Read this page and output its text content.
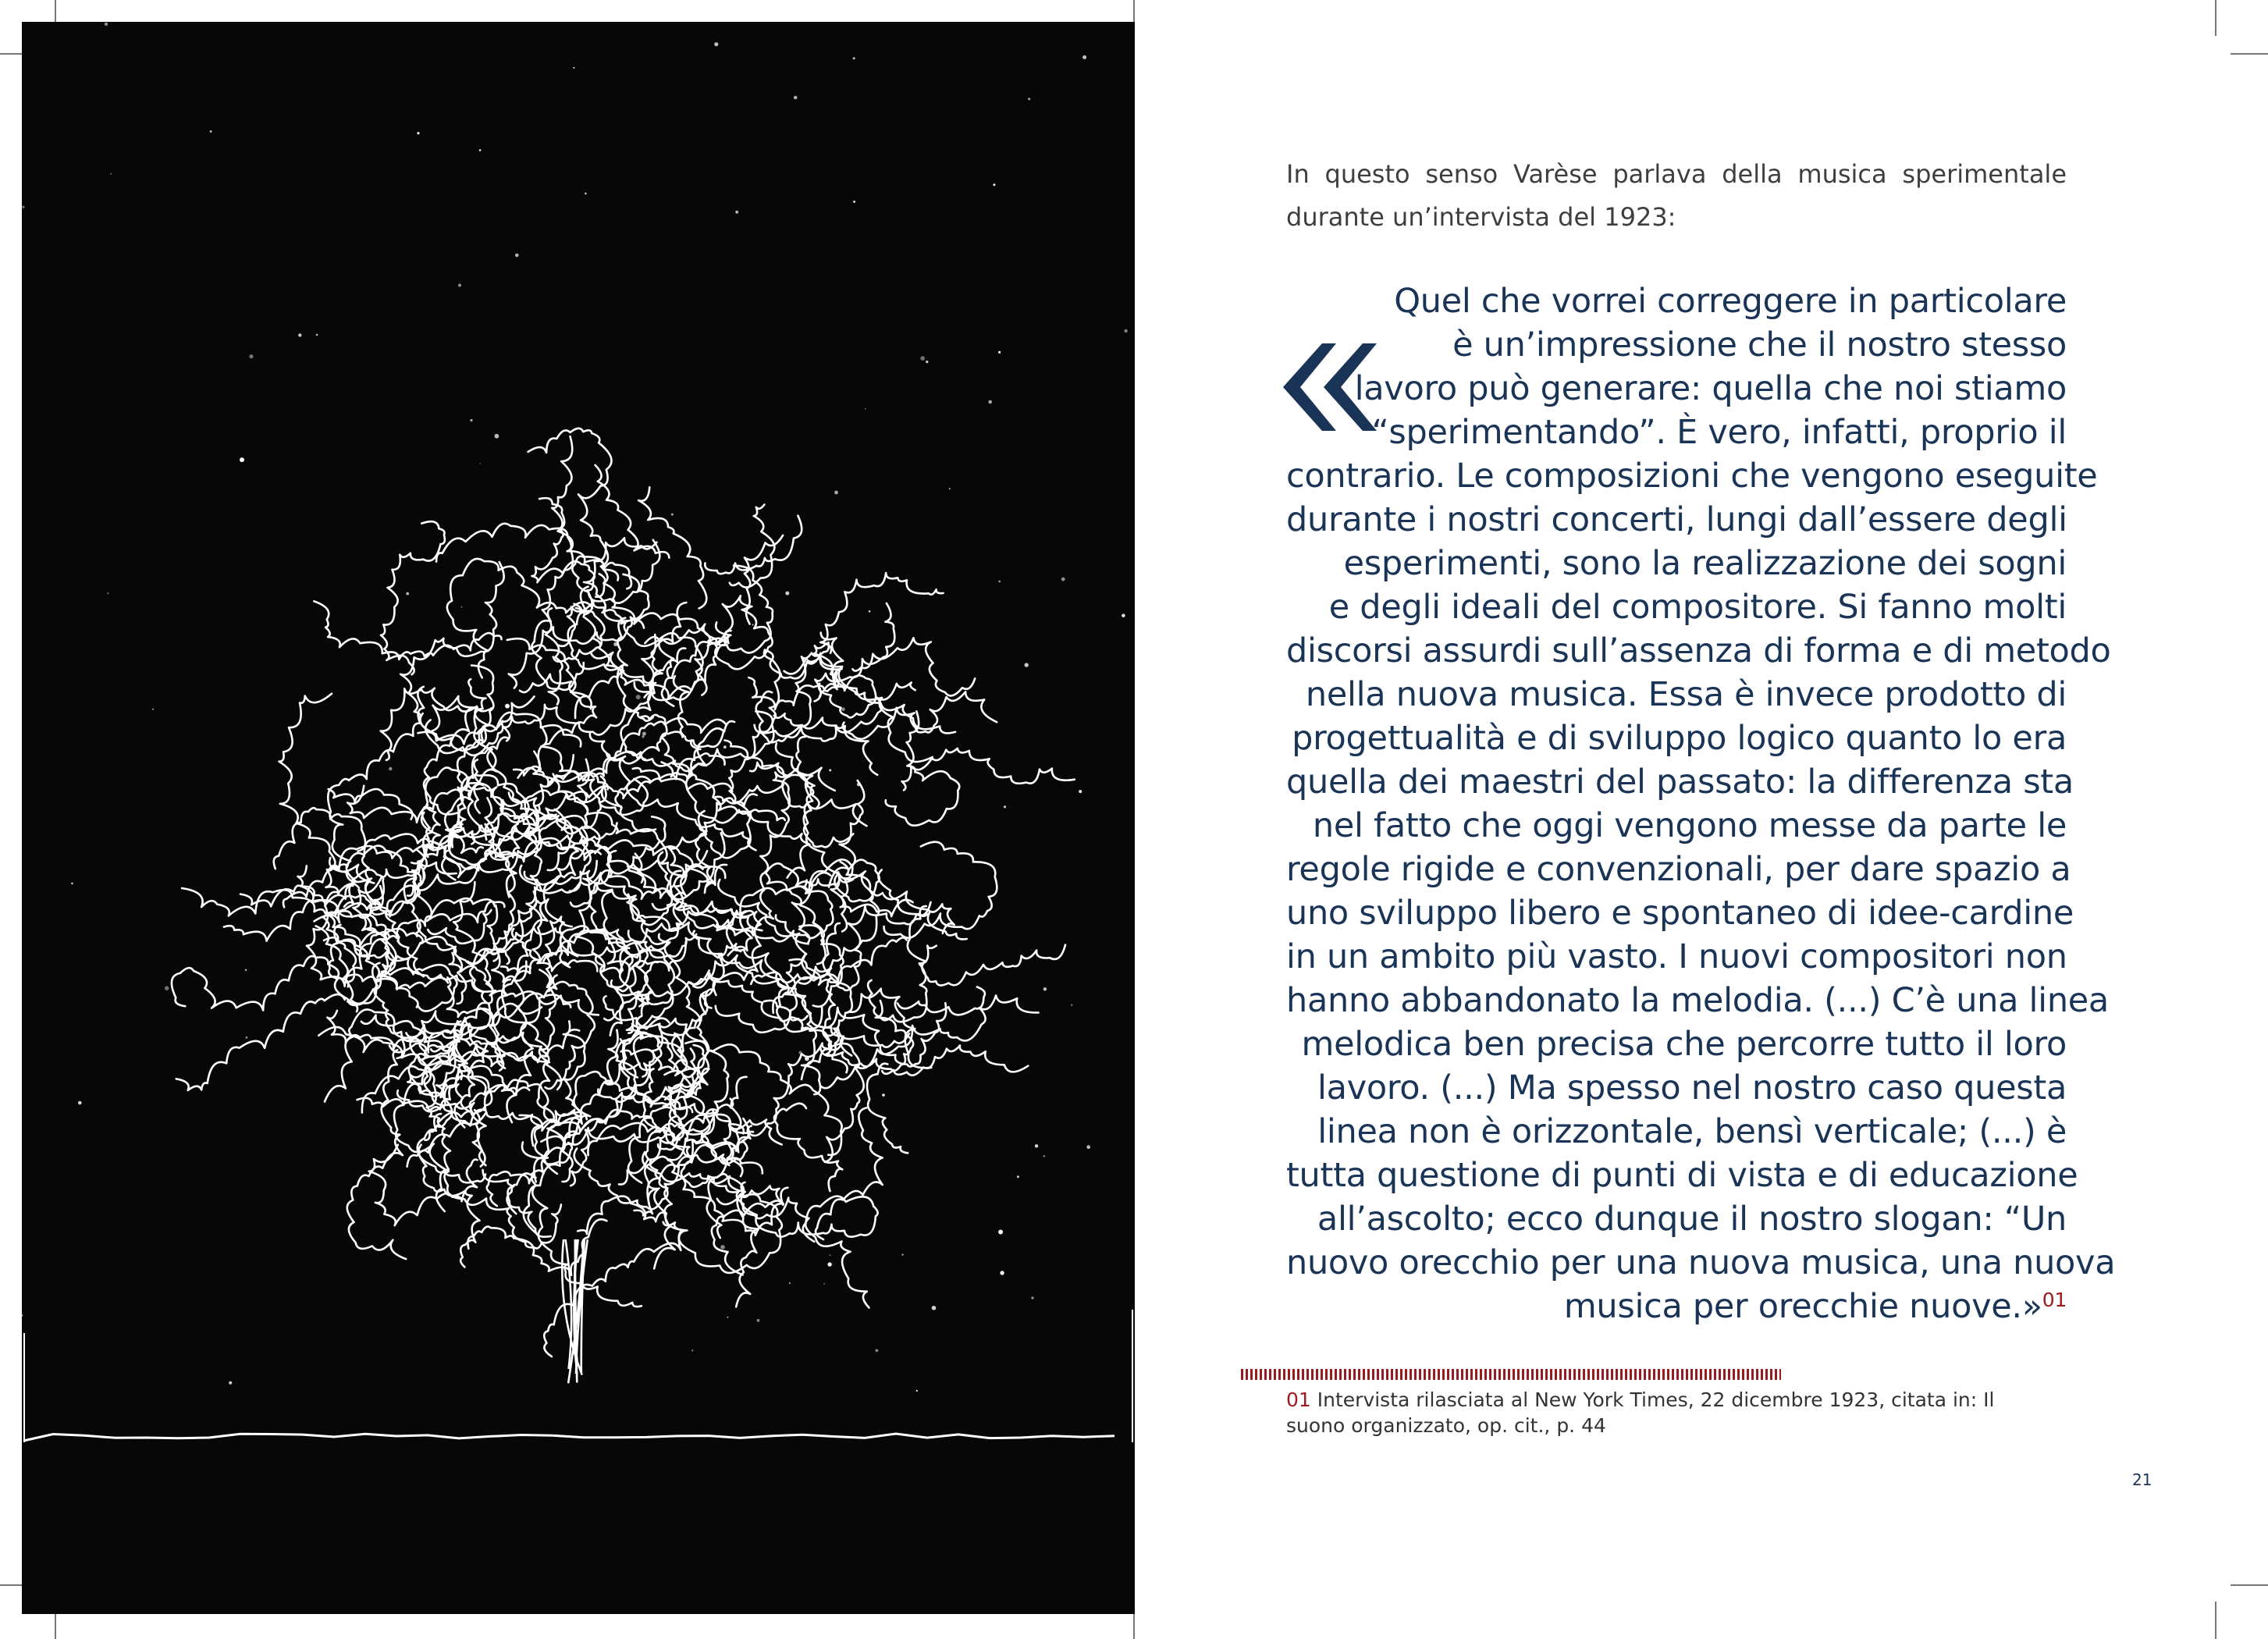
In questo senso Varèse parlava della musica sperimentale durante un’intervista del 1923:

Quel che vorrei correggere in particolare
è un’impressione che il nostro stesso
lavoro può generare: quella che noi stiamo
“sperimentando”. È vero, infatti, proprio il
contrario. Le composizioni che vengono eseguite
durante i nostri concerti, lungi dall’essere degli
esperimenti, sono la realizzazione dei sogni
e degli ideali del compositore. Si fanno molti
discorsi assurdi sull’assenza di forma e di metodo
nella nuova musica. Essa è invece prodotto di
progettualità e di sviluppo logico quanto lo era
quella dei maestri del passato: la differenza sta
nel fatto che oggi vengono messe da parte le
regole rigide e convenzionali, per dare spazio a
uno sviluppo libero e spontaneo di idee-cardine
in un ambito più vasto. I nuovi compositori non
hanno abbandonato la melodia. (...) C’è una linea
melodica ben precisa che percorre tutto il loro
lavoro. (...) Ma spesso nel nostro caso questa
linea non è orizzontale, bensì verticale; (...) è
tutta questione di punti di vista e di educazione
all’ascolto; ecco dunque il nostro slogan: “Un
nuovo orecchio per una nuova musica, una nuova
musica per orecchie nuove.»$^{01}$

01 Intervista rilasciata al New York Times, 22 dicembre 1923, citata in: Il suono organizzato, op. cit., p. 44

21
